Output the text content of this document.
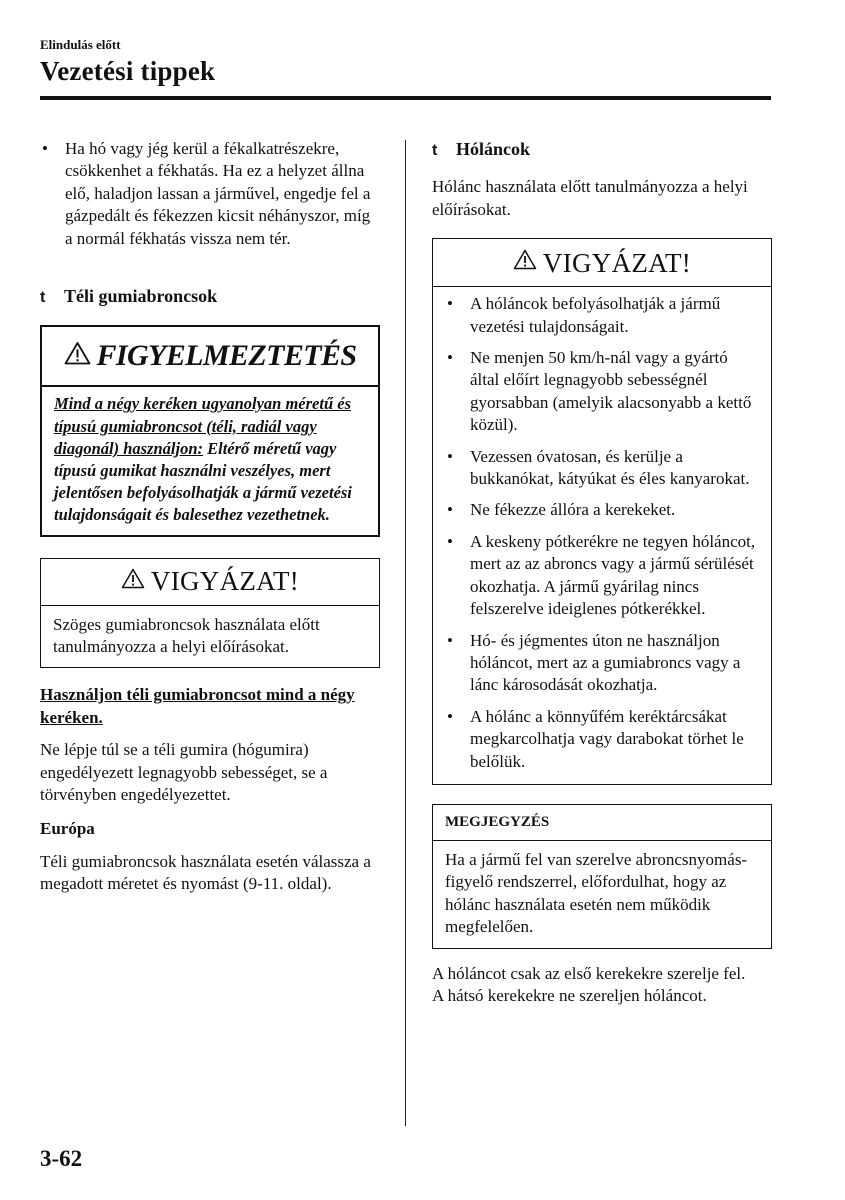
Elindulás előtt
Vezetési tippek
• Ha hó vagy jég kerül a fékalkatrészekre, csökkenhet a fékhatás. Ha ez a helyzet állna elő, haladjon lassan a járművel, engedje fel a gázpedált és fékezzen kicsit néhányszor, míg a normál fékhatás vissza nem tér.
t	Téli gumiabroncsok
FIGYELMEZTETÉS
Mind a négy keréken ugyanolyan méretű és típusú gumiabroncsot (téli, radiál vagy diagonál) használjon: Eltérő méretű vagy típusú gumikat használni veszélyes, mert jelentősen befolyásolhatják a jármű vezetési tulajdonságait és balesethez vezethetnek.
VIGYÁZAT!

Szöges gumiabroncsok használata előtt tanulmányozza a helyi előírásokat.

Használjon téli gumiabroncsot mind a négy keréken.

Ne lépje túl se a téli gumira (hógumira) engedélyezett legnagyobb sebességet, se a törvényben engedélyezettet.

Európa

Téli gumiabroncsok használata esetén válassza a megadott méretet és nyomást (9-11. oldal).

t	Hóláncok

Hólánc használata előtt tanulmányozza a helyi előírásokat.

VIGYÁZAT!
• A hóláncok befolyásolhatják a jármű vezetési tulajdonságait.
• Ne menjen 50 km/h-nál vagy a gyártó által előírt legnagyobb sebességnél gyorsabban (amelyik alacsonyabb a kettő közül).
• Vezessen óvatosan, és kerülje a bukkanókat, kátyúkat és éles kanyarokat.
• Ne fékezze állóra a kerekeket.
• A keskeny pótkerékre ne tegyen hóláncot, mert az az abroncs vagy a jármű sérülését okozhatja. A jármű gyárilag nincs felszerelve ideiglenes pótkerékkel.
• Hó- és jégmentes úton ne használjon hóláncot, mert az a gumiabroncs vagy a lánc károsodását okozhatja.
• A hólánc a könnyűfém keréktárcsákat megkarcolhatja vagy darabokat törhet le belőlük.
MEGJEGYZÉS

Ha a jármű fel van szerelve abroncsnyomás-figyelő rendszerrel, előfordulhat, hogy az hólánc használata esetén nem működik megfelelően.

A hóláncot csak az első kerekekre szerelje fel.

A hátsó kerekekre ne szereljen hóláncot.

3-62
